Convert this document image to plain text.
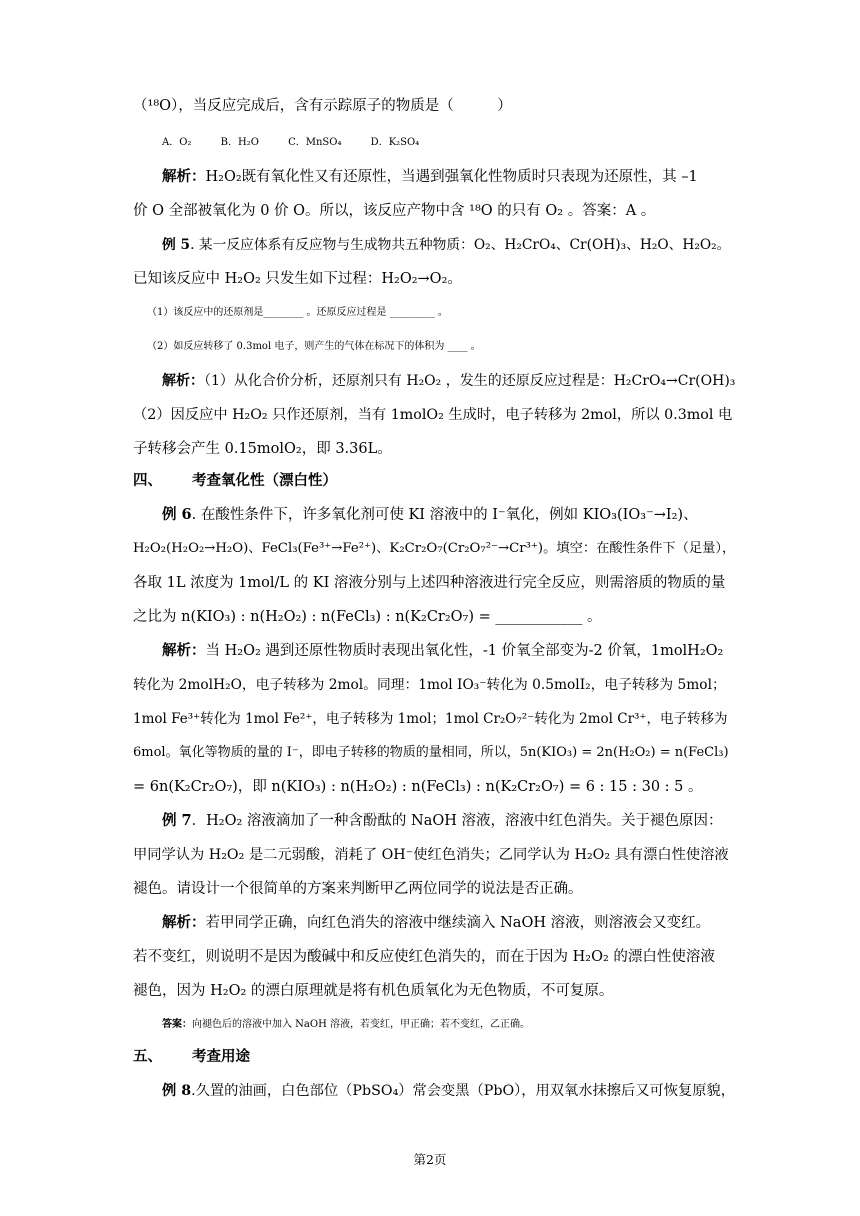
（¹⁸O），当反应完成后，含有示踪原子的物质是（　　　）
A．O₂	B．H₂O	C．MnSO₄	D．K₂SO₄
解析：H₂O₂既有氧化性又有还原性，当遇到强氧化性物质时只表现为还原性，其 –1
价 O 全部被氧化为 0 价 O。所以，该反应产物中含 ¹⁸O 的只有 O₂ 。答案：A 。
例 5. 某一反应体系有反应物与生成物共五种物质：O₂、H₂CrO₄、Cr(OH)₃、H₂O、H₂O₂。
已知该反应中 H₂O₂ 只发生如下过程：H₂O₂→O₂。
（1）该反应中的还原剂是________ 。还原反应过程是 _________ 。
（2）如反应转移了 0.3mol 电子，则产生的气体在标况下的体积为 ____ 。
解析：（1）从化合价分析，还原剂只有 H₂O₂ ，发生的还原反应过程是：H₂CrO₄→Cr(OH)₃
（2）因反应中 H₂O₂ 只作还原剂，当有 1molO₂ 生成时，电子转移为 2mol，所以 0.3mol 电
子转移会产生 0.15molO₂，即 3.36L。
四、 考查氧化性（漂白性）
例 6. 在酸性条件下，许多氧化剂可使 KI 溶液中的 I⁻氧化，例如 KIO₃(IO₃⁻→I₂)、
H₂O₂(H₂O₂→H₂O)、FeCl₃(Fe³⁺→Fe²⁺)、K₂Cr₂O₇(Cr₂O₇²⁻→Cr³⁺)。填空：在酸性条件下（足量），
各取 1L 浓度为 1mol/L 的 KI 溶液分别与上述四种溶液进行完全反应，则需溶质的物质的量
之比为 n(KIO₃) : n(H₂O₂) : n(FeCl₃) : n(K₂Cr₂O₇) = ____________ 。
解析：当 H₂O₂ 遇到还原性物质时表现出氧化性，-1 价氧全部变为-2 价氧，1molH₂O₂
转化为 2molH₂O，电子转移为 2mol。同理：1mol IO₃⁻转化为 0.5molI₂，电子转移为 5mol；
1mol Fe³⁺转化为 1mol Fe²⁺，电子转移为 1mol；1mol Cr₂O₇²⁻转化为 2mol Cr³⁺，电子转移为
6mol。氧化等物质的量的 I⁻，即电子转移的物质的量相同，所以，5n(KIO₃) = 2n(H₂O₂) = n(FeCl₃)
= 6n(K₂Cr₂O₇)，即 n(KIO₃) : n(H₂O₂) : n(FeCl₃) : n(K₂Cr₂O₇) = 6 : 15 : 30 : 5 。
例 7．H₂O₂ 溶液滴加了一种含酚酞的 NaOH 溶液，溶液中红色消失。关于褪色原因：
甲同学认为 H₂O₂ 是二元弱酸，消耗了 OH⁻使红色消失；乙同学认为 H₂O₂ 具有漂白性使溶液
褪色。请设计一个很简单的方案来判断甲乙两位同学的说法是否正确。
解析：若甲同学正确，向红色消失的溶液中继续滴入 NaOH 溶液，则溶液会又变红。
若不变红，则说明不是因为酸碱中和反应使红色消失的，而在于因为 H₂O₂ 的漂白性使溶液
褪色，因为 H₂O₂ 的漂白原理就是将有机色质氧化为无色物质，不可复原。
答案：向褪色后的溶液中加入 NaOH 溶液，若变红，甲正确；若不变红，乙正确。
五、 考查用途
例 8.久置的油画，白色部位（PbSO₄）常会变黑（PbO），用双氧水抹擦后又可恢复原貌，
第2页
